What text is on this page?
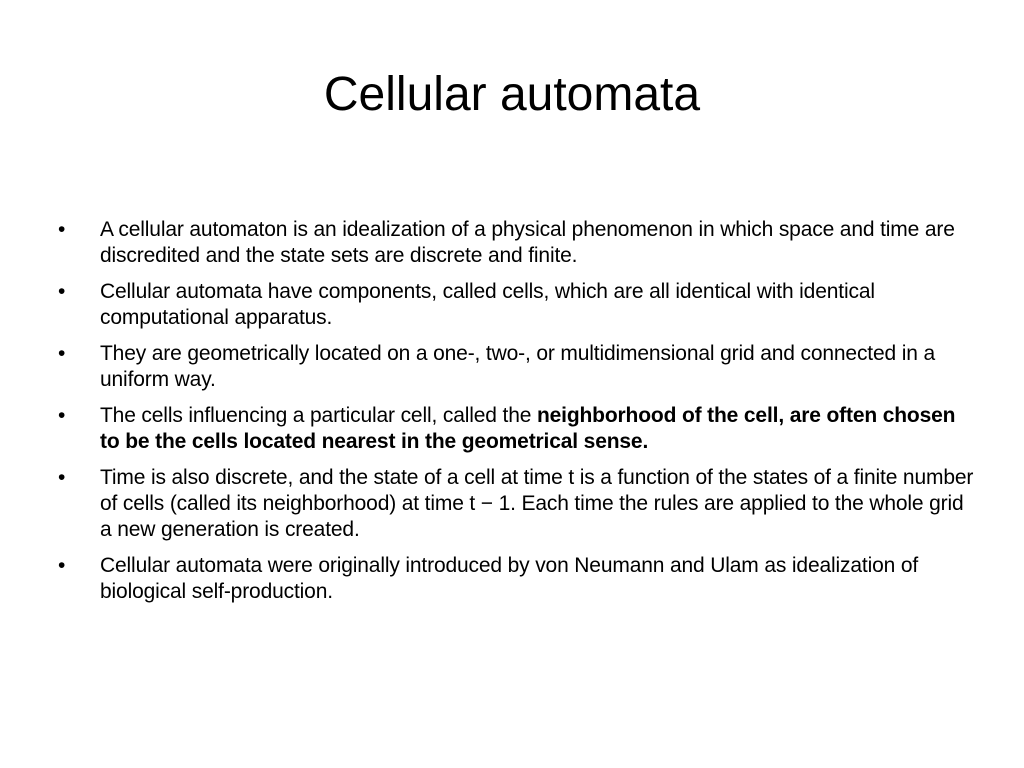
Cellular automata
•	A cellular automaton is an idealization of a physical phenomenon in which space and time are discredited and the state sets are discrete and finite.
•	Cellular automata have components, called cells, which are all identical with identical computational apparatus.
•	They are geometrically located on a one-, two-, or multidimensional grid and connected in a uniform way.
•	The cells influencing a particular cell, called the neighborhood of the cell, are often chosen to be the cells located nearest in the geometrical sense.
•	Time is also discrete, and the state of a cell at time t is a function of the states of a finite number of cells (called its neighborhood) at time t − 1. Each time the rules are applied to the whole grid a new generation is created.
•	Cellular automata were originally introduced by von Neumann and Ulam as idealization of biological self-production.
